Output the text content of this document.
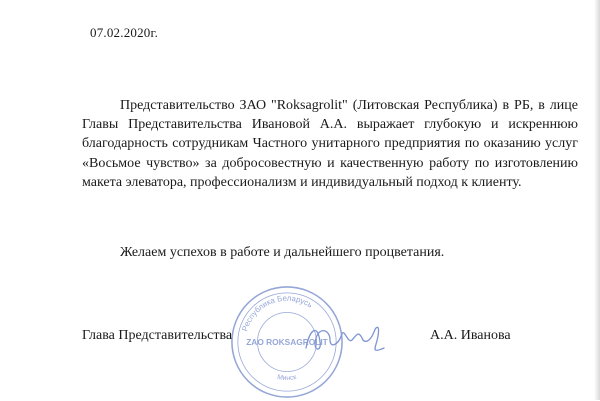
07.02.2020г.

Представительство ЗАО "Roksagrolit" (Литовская Республика) в РБ, в лице Главы Представительства Ивановой А.А. выражает глубокую и искреннюю благодарность сотрудникам Частного унитарного предприятия по оказанию услуг «Восьмое чувство» за добросовестную и качественную работу по изготовлению макета элеватора, профессионализм и индивидуальный подход к клиенту.

Желаем успехов в работе и дальнейшего процветания.
Республика Беларусь
ZAO ROKSAGROLIT
Минск
Глава Представительства	А.А. Иванова
